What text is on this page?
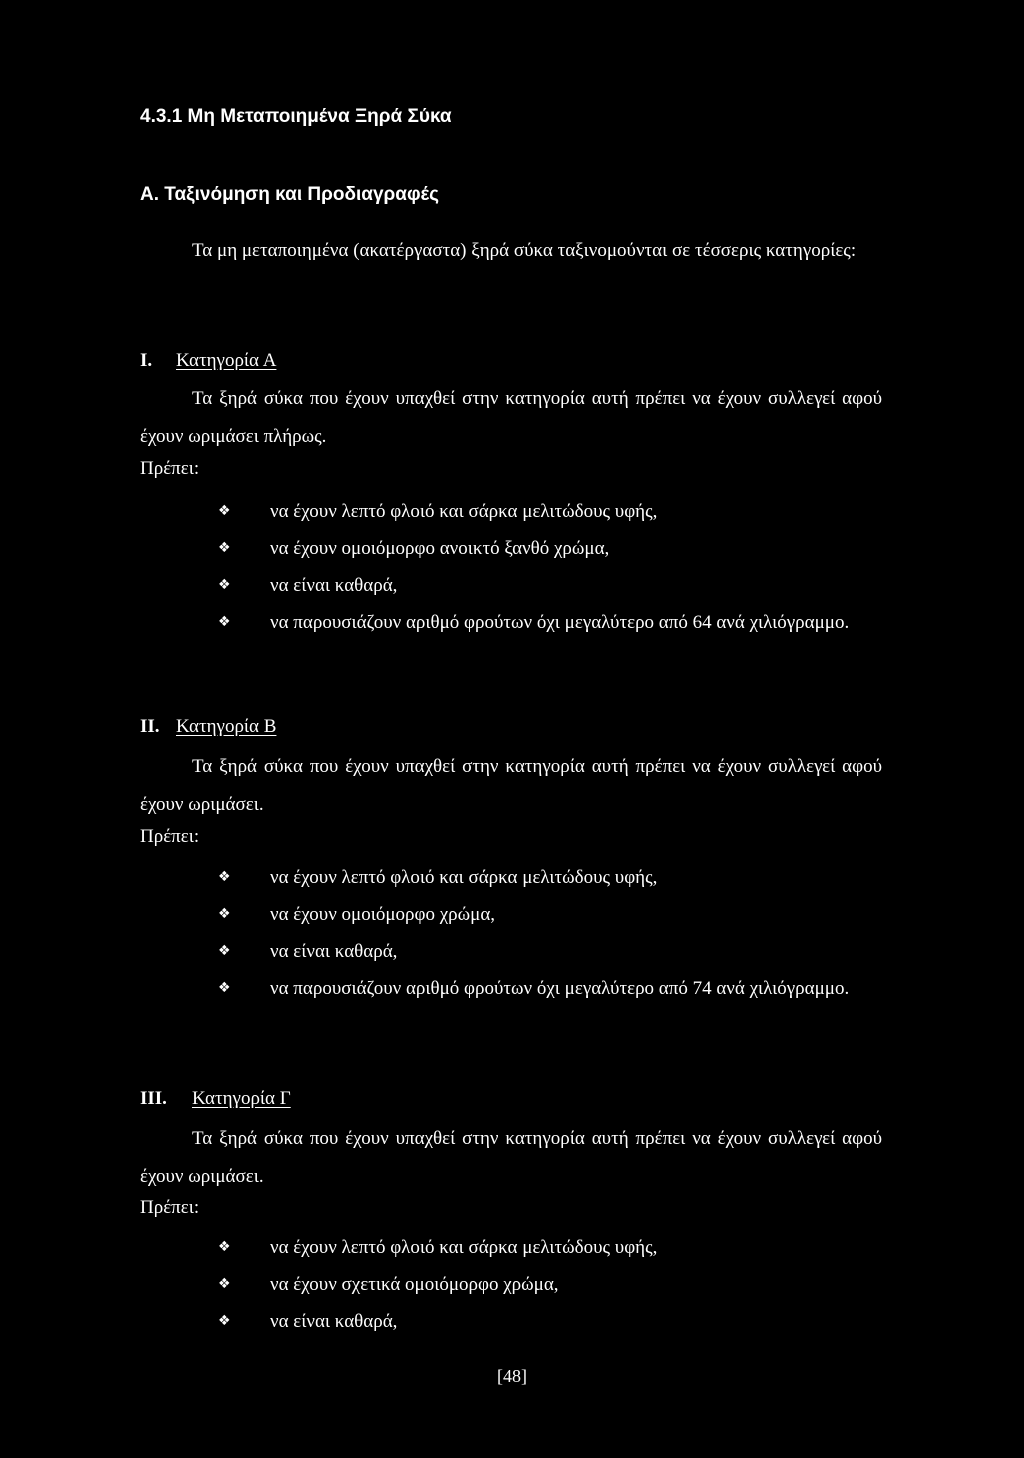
4.3.1 Μη Μεταποιημένα Ξηρά Σύκα
Α. Ταξινόμηση και Προδιαγραφές
Τα μη μεταποιημένα (ακατέργαστα) ξηρά σύκα ταξινομούνται σε τέσσερις κατηγορίες:
I. Κατηγορία Α
Τα ξηρά σύκα που έχουν υπαχθεί στην κατηγορία αυτή πρέπει να έχουν συλλεγεί αφού έχουν ωριμάσει πλήρως.
Πρέπει:
❖ να έχουν λεπτό φλοιό και σάρκα μελιτώδους υφής,
❖ να έχουν ομοιόμορφο ανοικτό ξανθό χρώμα,
❖ να είναι καθαρά,
❖ να παρουσιάζουν αριθμό φρούτων όχι μεγαλύτερο από 64 ανά χιλιόγραμμο.
II. Κατηγορία Β
Τα ξηρά σύκα που έχουν υπαχθεί στην κατηγορία αυτή πρέπει να έχουν συλλεγεί αφού έχουν ωριμάσει.
Πρέπει:
❖ να έχουν λεπτό φλοιό και σάρκα μελιτώδους υφής,
❖ να έχουν ομοιόμορφο χρώμα,
❖ να είναι καθαρά,
❖ να παρουσιάζουν αριθμό φρούτων όχι μεγαλύτερο από 74 ανά χιλιόγραμμο.
III. Κατηγορία Γ
Τα ξηρά σύκα που έχουν υπαχθεί στην κατηγορία αυτή πρέπει να έχουν συλλεγεί αφού έχουν ωριμάσει.
Πρέπει:
❖ να έχουν λεπτό φλοιό και σάρκα μελιτώδους υφής,
❖ να έχουν σχετικά ομοιόμορφο χρώμα,
❖ να είναι καθαρά,
[48]
